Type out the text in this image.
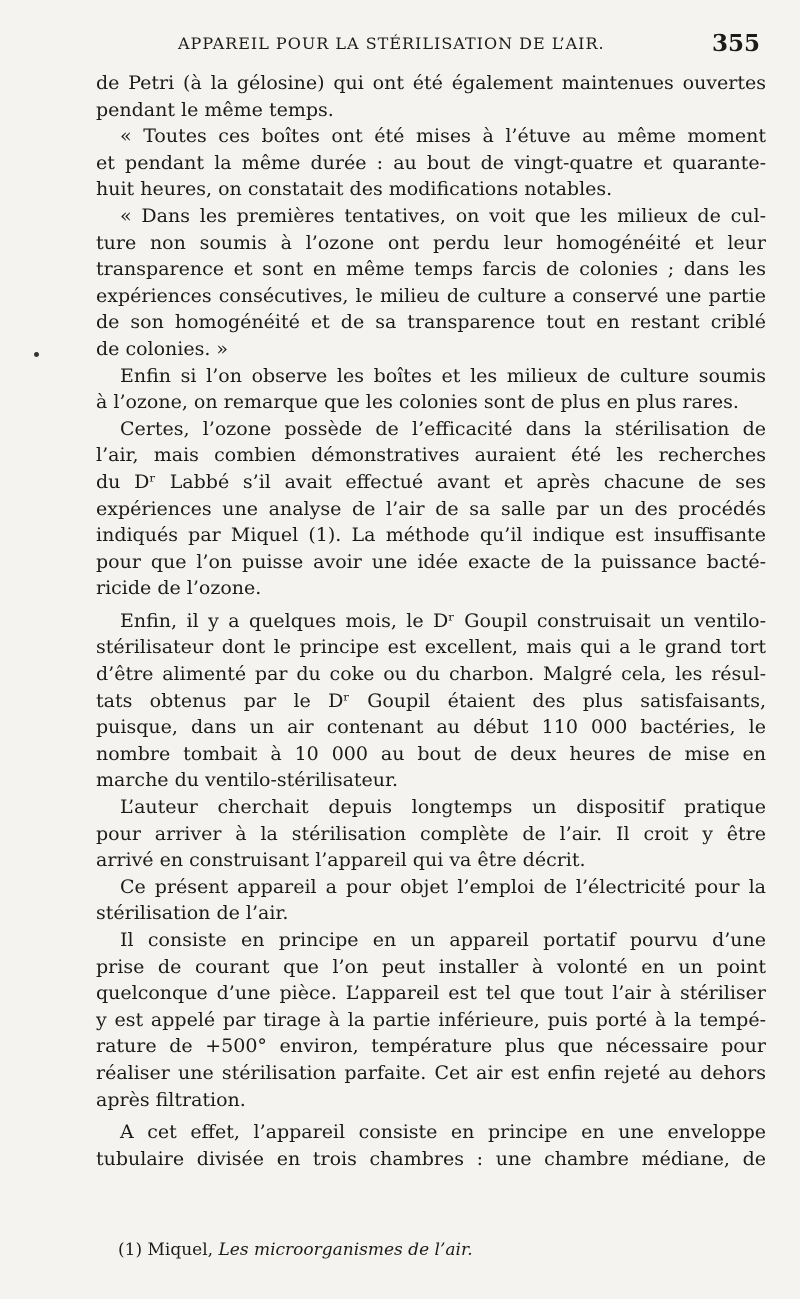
APPAREIL POUR LA STÉRILISATION DE L’AIR.	355
de Petri (à la gélosine) qui ont été également maintenues ouvertes
pendant le même temps.
« Toutes ces boîtes ont été mises à l’étuve au même moment
et pendant la même durée : au bout de vingt-quatre et quarante-
huit heures, on constatait des modifications notables.
« Dans les premières tentatives, on voit que les milieux de cul-
ture non soumis à l’ozone ont perdu leur homogénéité et leur
transparence et sont en même temps farcis de colonies ; dans les
expériences consécutives, le milieu de culture a conservé une partie
de son homogénéité et de sa transparence tout en restant criblé
de colonies. »
Enfin si l’on observe les boîtes et les milieux de culture soumis
à l’ozone, on remarque que les colonies sont de plus en plus rares.
Certes, l’ozone possède de l’efficacité dans la stérilisation de
l’air, mais combien démonstratives auraient été les recherches
du Dʳ Labbé s’il avait effectué avant et après chacune de ses
expériences une analyse de l’air de sa salle par un des procédés
indiqués par Miquel (1). La méthode qu’il indique est insuffisante
pour que l’on puisse avoir une idée exacte de la puissance bacté-
ricide de l’ozone.
Enfin, il y a quelques mois, le Dʳ Goupil construisait un ventilo-
stérilisateur dont le principe est excellent, mais qui a le grand tort
d’être alimenté par du coke ou du charbon. Malgré cela, les résul-
tats obtenus par le Dʳ Goupil étaient des plus satisfaisants,
puisque, dans un air contenant au début 110 000 bactéries, le
nombre tombait à 10 000 au bout de deux heures de mise en
marche du ventilo-stérilisateur.
L’auteur cherchait depuis longtemps un dispositif pratique
pour arriver à la stérilisation complète de l’air. Il croit y être
arrivé en construisant l’appareil qui va être décrit.
Ce présent appareil a pour objet l’emploi de l’électricité pour la
stérilisation de l’air.
Il consiste en principe en un appareil portatif pourvu d’une
prise de courant que l’on peut installer à volonté en un point
quelconque d’une pièce. L’appareil est tel que tout l’air à stériliser
y est appelé par tirage à la partie inférieure, puis porté à la tempé-
rature de +500° environ, température plus que nécessaire pour
réaliser une stérilisation parfaite. Cet air est enfin rejeté au dehors
après filtration.
A cet effet, l’appareil consiste en principe en une enveloppe
tubulaire divisée en trois chambres : une chambre médiane, de
(1) Miquel, Les microorganismes de l’air.
